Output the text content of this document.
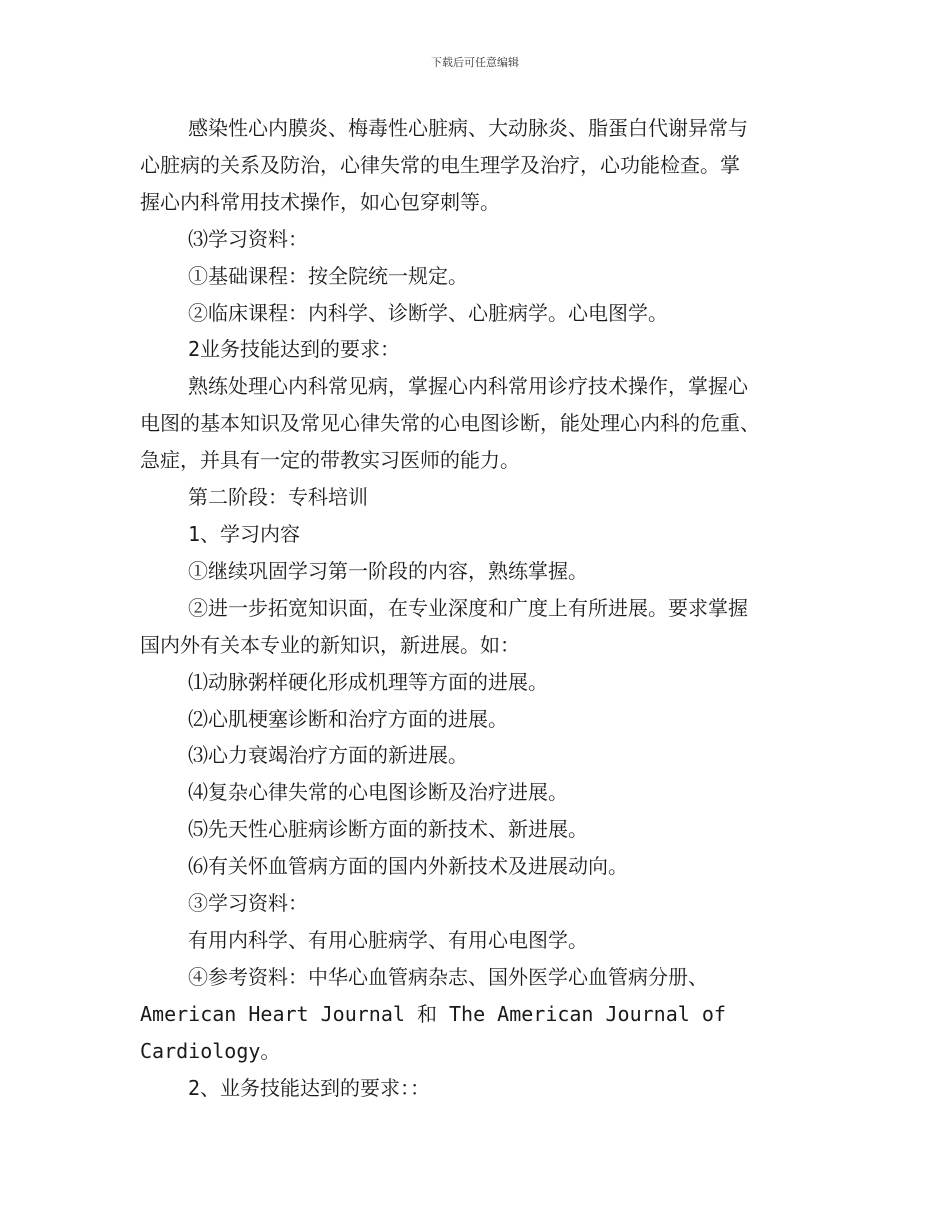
下载后可任意编辑

感染性心内膜炎、梅毒性心脏病、大动脉炎、脂蛋白代谢异常与

心脏病的关系及防治，心律失常的电生理学及治疗，心功能检查。掌

握心内科常用技术操作，如心包穿刺等。

⑶学习资料：

①基础课程：按全院统一规定。

②临床课程：内科学、诊断学、心脏病学。心电图学。

2业务技能达到的要求：

熟练处理心内科常见病，掌握心内科常用诊疗技术操作，掌握心

电图的基本知识及常见心律失常的心电图诊断，能处理心内科的危重、

急症，并具有一定的带教实习医师的能力。

第二阶段：专科培训

1、学习内容

①继续巩固学习第一阶段的内容，熟练掌握。

②进一步拓宽知识面，在专业深度和广度上有所进展。要求掌握

国内外有关本专业的新知识，新进展。如：

⑴动脉粥样硬化形成机理等方面的进展。

⑵心肌梗塞诊断和治疗方面的进展。

⑶心力衰竭治疗方面的新进展。

⑷复杂心律失常的心电图诊断及治疗进展。

⑸先天性心脏病诊断方面的新技术、新进展。

⑹有关怀血管病方面的国内外新技术及进展动向。

③学习资料：

有用内科学、有用心脏病学、有用心电图学。

④参考资料：中华心血管病杂志、国外医学心血管病分册、

American Heart Journal 和 The American Journal of

Cardiology。

2、业务技能达到的要求：：
